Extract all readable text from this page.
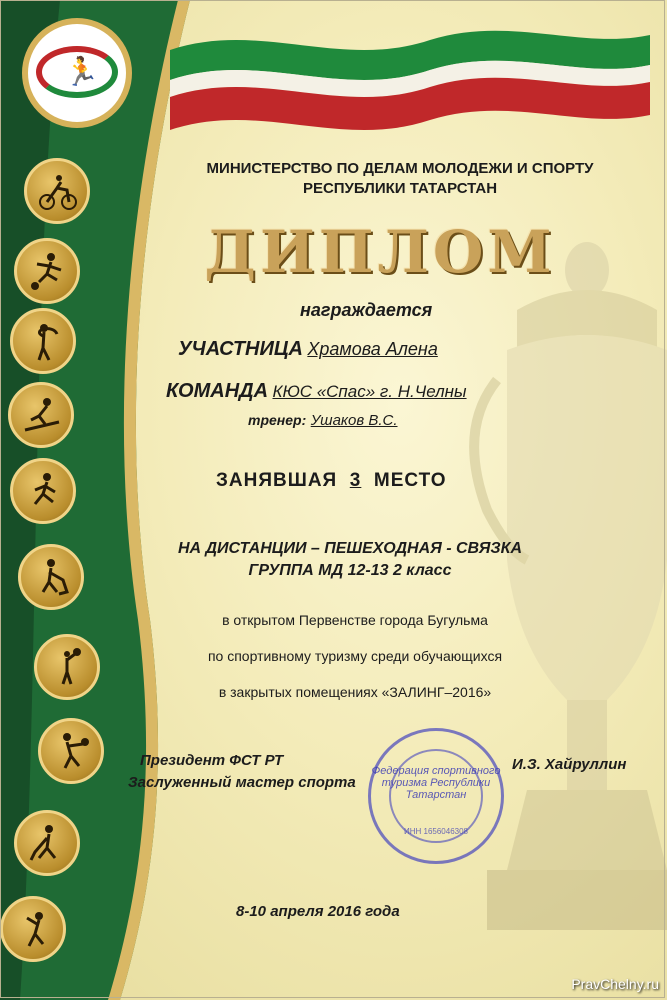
🏃
МИНИСТЕРСТВО ПО ДЕЛАМ МОЛОДЕЖИ И СПОРТУ
РЕСПУБЛИКИ ТАТАРСТАН
ДИПЛОМ
награждается
УЧАСТНИЦА Храмова Алена
КОМАНДА КЮС «Спас» г. Н.Челны
тренер: Ушаков В.С.
ЗАНЯВШАЯ 3 МЕСТО
НА ДИСТАНЦИИ – ПЕШЕХОДНАЯ - СВЯЗКА
ГРУППА МД 12-13 2 класс
в открытом Первенстве города Бугульма
по спортивному туризму среди обучающихся
в закрытых помещениях «ЗАЛИНГ–2016»
Президент ФСТ РТ
Заслуженный мастер спорта
И.З. Хайруллин
Федерация спортивного туризма Республики Татарстан
ИНН 1656046308
8-10 апреля 2016 года
PravChelny.ru
